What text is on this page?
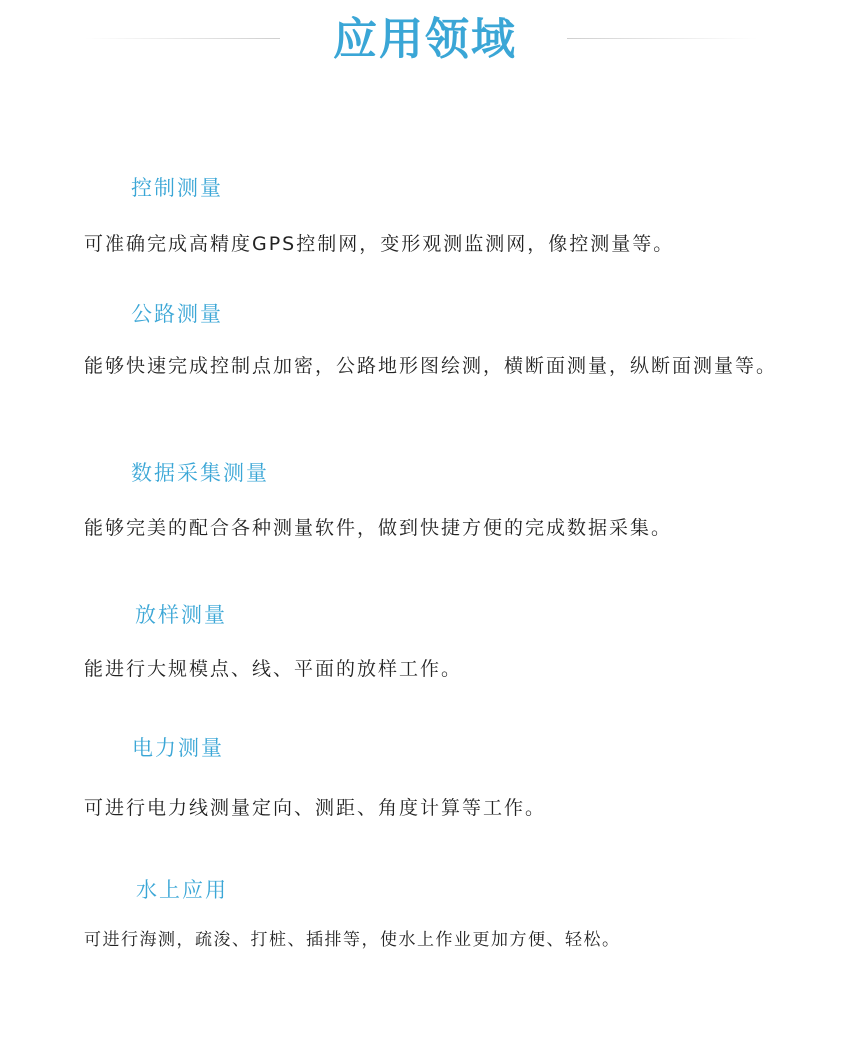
应用领域
控制测量
可准确完成高精度GPS控制网，变形观测监测网，像控测量等。
公路测量
能够快速完成控制点加密，公路地形图绘测，横断面测量，纵断面测量等。
数据采集测量
能够完美的配合各种测量软件，做到快捷方便的完成数据采集。
放样测量
能进行大规模点、线、平面的放样工作。
电力测量
可进行电力线测量定向、测距、角度计算等工作。
水上应用
可进行海测，疏浚、打桩、插排等，使水上作业更加方便、轻松。
